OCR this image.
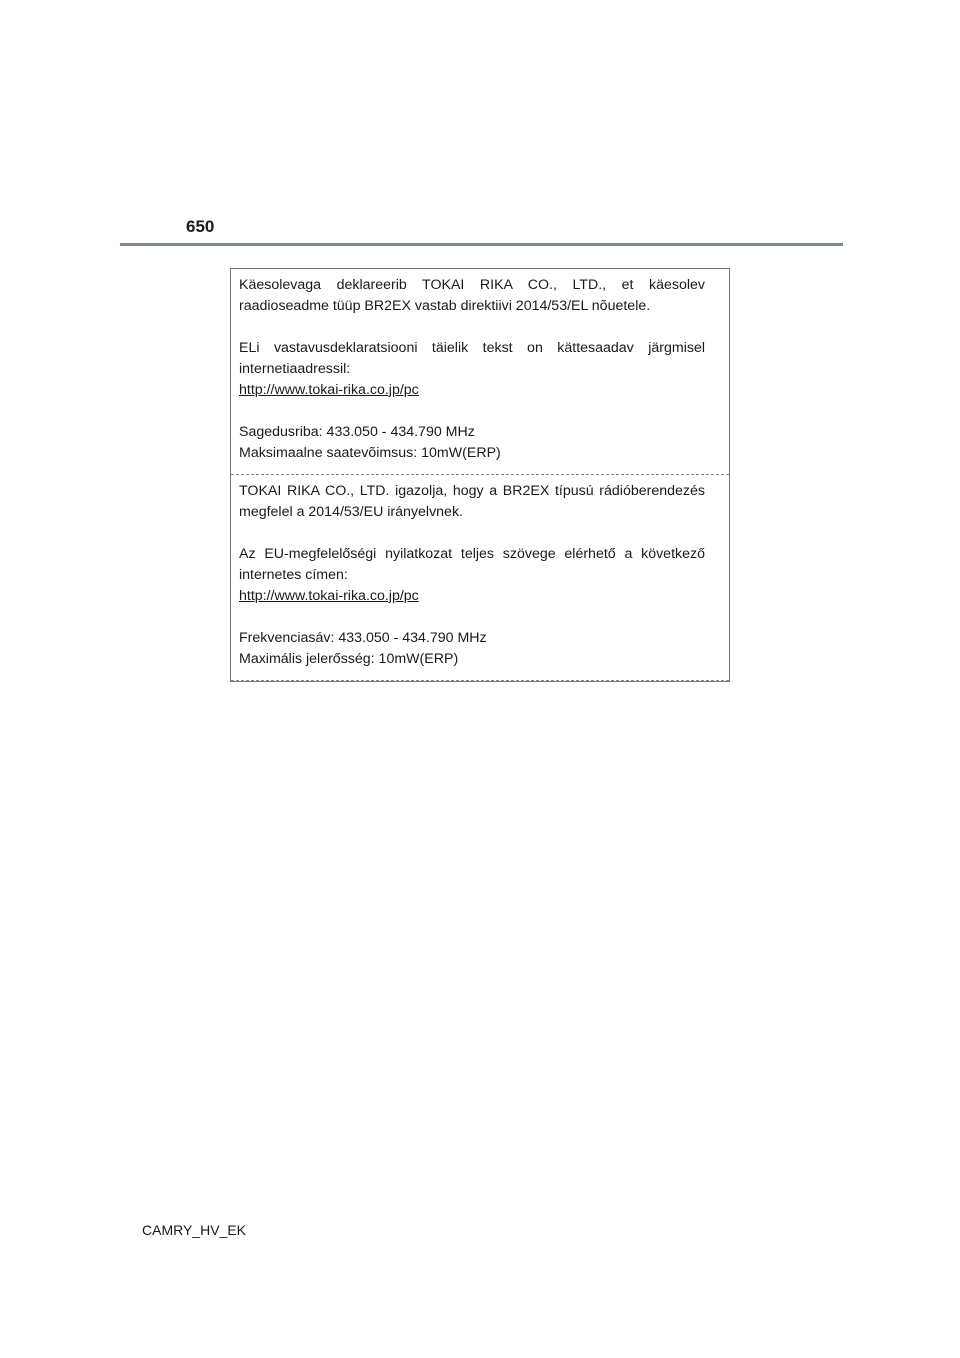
650

Käesolevaga deklareerib TOKAI RIKA CO., LTD., et käesolev raadioseadme tüüp BR2EX vastab direktiivi 2014/53/EL nõuetele.

ELi vastavusdeklaratsiooni täielik tekst on kättesaadav järgmisel internetiaadressil:
http://www.tokai-rika.co.jp/pc

Sagedusriba: 433.050 - 434.790 MHz
Maksimaalne saatevõimsus: 10mW(ERP)

TOKAI RIKA CO., LTD. igazolja, hogy a BR2EX típusú rádióberendezés megfelel a 2014/53/EU irányelvnek.

Az EU-megfelelőségi nyilatkozat teljes szövege elérhető a következő internetes címen:
http://www.tokai-rika.co.jp/pc

Frekvenciasáv: 433.050 - 434.790 MHz
Maximális jelerősség: 10mW(ERP)

CAMRY_HV_EK
